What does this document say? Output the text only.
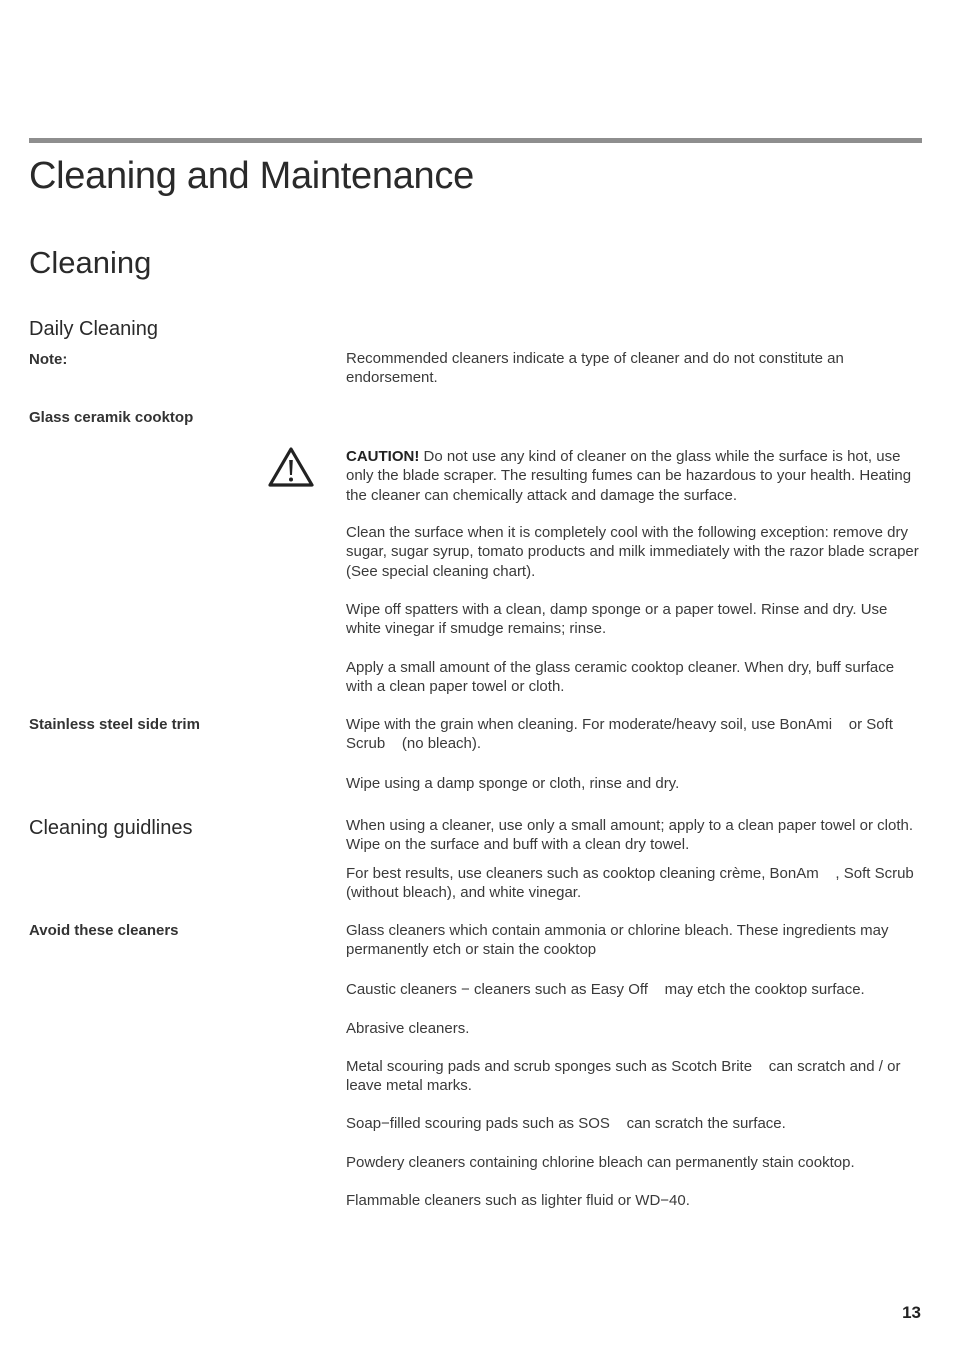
Cleaning and Maintenance
Cleaning
Daily Cleaning
Note:	Recommended cleaners indicate a type of cleaner and do not constitute an endorsement.
Glass ceramik cooktop
CAUTION! Do not use any kind of cleaner on the glass while the surface is hot, use only the blade scraper. The resulting fumes can be hazardous to your health. Heating the cleaner can chemically attack and damage the surface.
Clean the surface when it is completely cool with the following exception: remove dry sugar, sugar syrup, tomato products and milk immediately with the razor blade scraper (See special cleaning chart).
Wipe off spatters with a clean, damp sponge or a paper towel. Rinse and dry. Use white vinegar if smudge remains; rinse.
Apply a small amount of the glass ceramic cooktop cleaner. When dry, buff surface with a clean paper towel or cloth.
Stainless steel side trim	Wipe with the grain when cleaning. For moderate/heavy soil, use BonAmi    or Soft Scrub    (no bleach).
Wipe using a damp sponge or cloth, rinse and dry.
Cleaning guidlines	When using a cleaner, use only a small amount; apply to a clean paper towel or cloth. Wipe on the surface and buff with a clean dry towel.
For best results, use cleaners such as cooktop cleaning crème, BonAm    , Soft Scrub    (without bleach), and white vinegar.
Avoid these cleaners	Glass cleaners which contain ammonia or chlorine bleach. These ingredients may permanently etch or stain the cooktop
Caustic cleaners − cleaners such as Easy Off    may etch the cooktop surface.
Abrasive cleaners.
Metal scouring pads and scrub sponges such as Scotch Brite    can scratch and / or leave metal marks.
Soap−filled scouring pads such as SOS    can scratch the surface.
Powdery cleaners containing chlorine bleach can permanently stain cooktop.
Flammable cleaners such as lighter fluid or WD−40.
13
